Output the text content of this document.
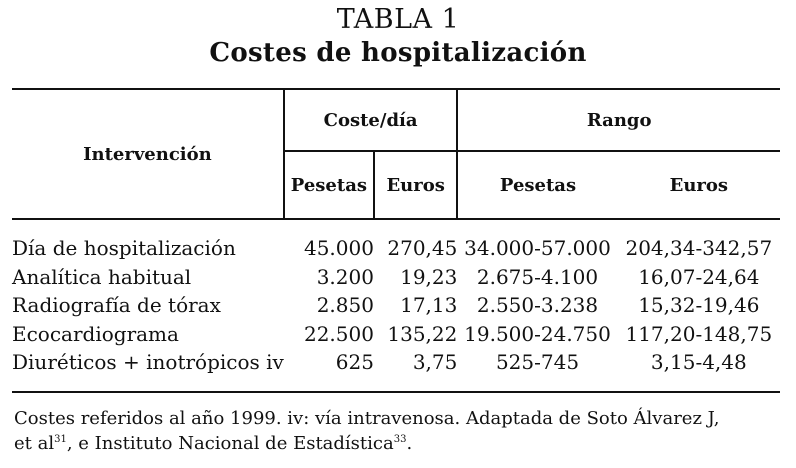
TABLA 1
Costes de hospitalización
Intervención	Coste/día		Rango	
	Pesetas	Euros	Pesetas	Euros

Día de hospitalización	45.000	270,45	34.000-57.000	204,34-342,57
Analítica habitual	3.200	19,23	2.675-4.100	16,07-24,64
Radiografía de tórax	2.850	17,13	2.550-3.238	15,32-19,46
Ecocardiograma	22.500	135,22	19.500-24.750	117,20-148,75
Diuréticos + inotrópicos iv	625	3,75	525-745	3,15-4,48

Costes referidos al año 1999. iv: vía intravenosa. Adaptada de Soto Álvarez J,
et $al^{31}$, e Instituto Nacional de Estadística$^{33}$.
